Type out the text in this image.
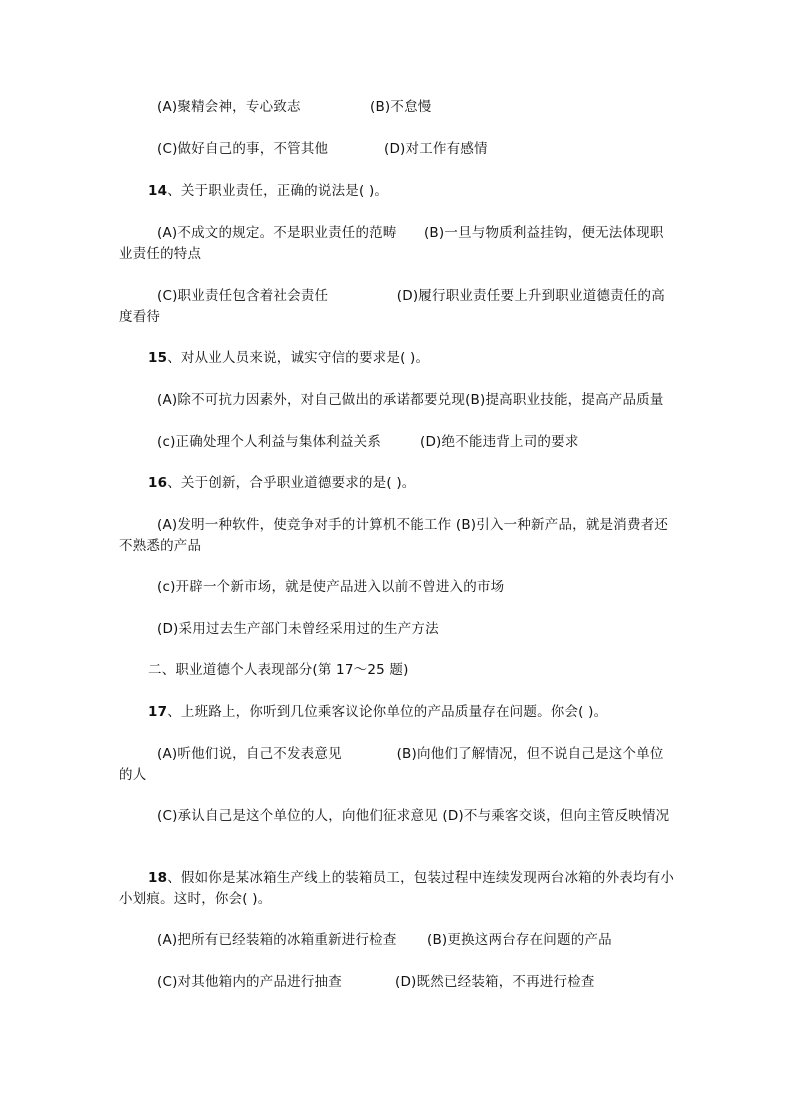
(A)聚精会神，专心致志	(B)不怠慢
(C)做好自己的事，不管其他	(D)对工作有感情
14、关于职业责任，正确的说法是( )。
(A)不成文的规定。不是职业责任的范畴　　(B)一旦与物质利益挂钩，便无法体现职业责任的特点
(C)职业责任包含着社会责任　　　　　(D)履行职业责任要上升到职业道德责任的高度看待
15、对从业人员来说，诚实守信的要求是( )。
(A)除不可抗力因素外，对自己做出的承诺都要兑现(B)提高职业技能，提高产品质量
(c)正确处理个人利益与集体利益关系	(D)绝不能违背上司的要求
16、关于创新，合乎职业道德要求的是( )。
(A)发明一种软件，使竞争对手的计算机不能工作 (B)引入一种新产品，就是消费者还不熟悉的产品
(c)开辟一个新市场，就是使产品进入以前不曾进入的市场
(D)采用过去生产部门未曾经采用过的生产方法
二、职业道德个人表现部分(第 17～25 题)
17、上班路上，你听到几位乘客议论你单位的产品质量存在问题。你会( )。
(A)听他们说，自己不发表意见　　　　(B)向他们了解情况，但不说自己是这个单位的人
(C)承认自己是这个单位的人，向他们征求意见 (D)不与乘客交谈，但向主管反映情况
18、假如你是某冰箱生产线上的装箱员工，包装过程中连续发现两台冰箱的外表均有小小划痕。这时，你会( )。
(A)把所有已经装箱的冰箱重新进行检查 (B)更换这两台存在问题的产品
(C)对其他箱内的产品进行抽查	(D)既然已经装箱，不再进行检查
